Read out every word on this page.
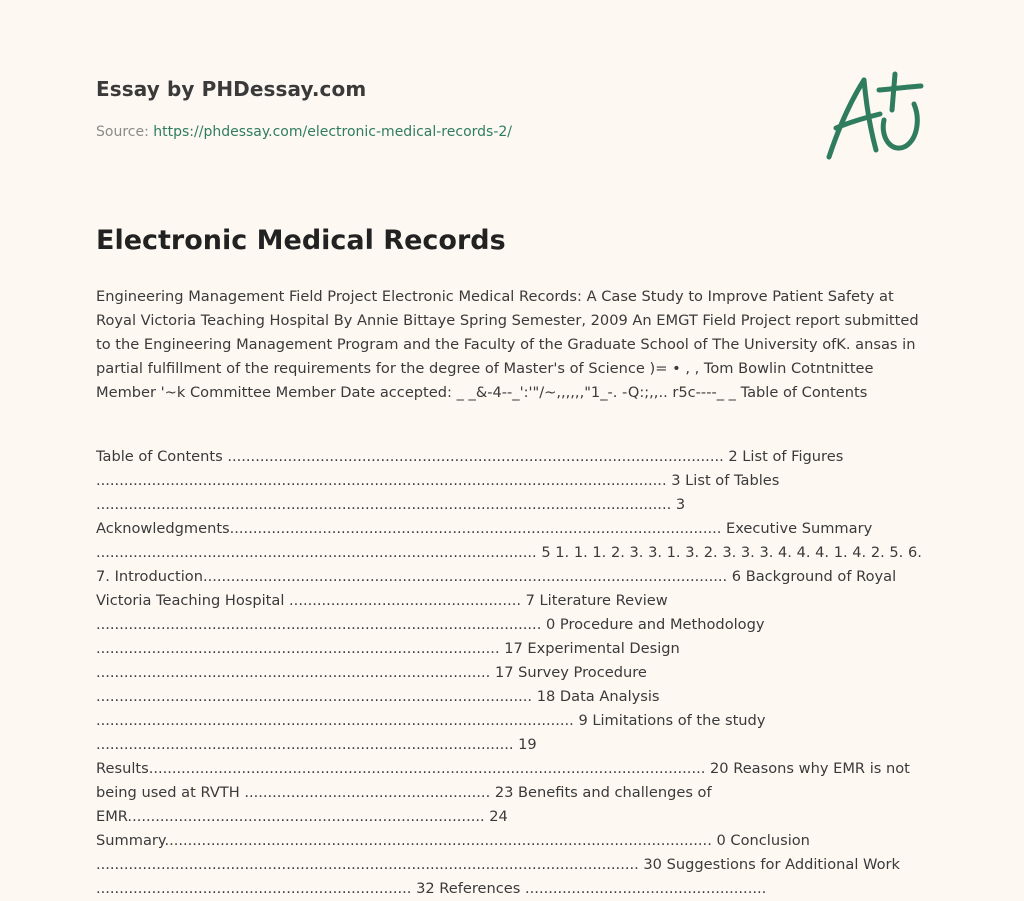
Essay by PHDessay.com

Source: https://phdessay.com/electronic-medical-records-2/

Electronic Medical Records

Engineering Management Field Project Electronic Medical Records: A Case Study to Improve Patient Safety at Royal Victoria Teaching Hospital By Annie Bittaye Spring Semester, 2009 An EMGT Field Project report submitted to the Engineering Management Program and the Faculty of the Graduate School of The University ofK. ansas in partial fulfillment of the requirements for the degree of Master's of Science )= • , , Tom Bowlin Cotntnittee Member '~k Committee Member Date accepted: _ _&-4--_':'"/~,,,,,,"1_-. -Q:;,,.. r5c----_ _ Table of Contents

Table of Contents ........................................................................................................... 2 List of Figures ........................................................................................................................... 3 List of Tables ............................................................................................................................ 3 Acknowledgments.......................................................................................................... Executive Summary ............................................................................................... 5 1. 1. 1. 2. 3. 3. 1. 3. 2. 3. 3. 3. 4. 4. 4. 1. 4. 2. 5. 6. 7. Introduction................................................................................................................. 6 Background of Royal Victoria Teaching Hospital .................................................. 7 Literature Review ................................................................................................ 0 Procedure and Methodology ....................................................................................... 17 Experimental Design ..................................................................................... 17 Survey Procedure .............................................................................................. 18 Data Analysis ....................................................................................................... 9 Limitations of the study .......................................................................................... 19 Results........................................................................................................................ 20 Reasons why EMR is not being used at RVTH ..................................................... 23 Benefits and challenges of EMR............................................................................. 24 Summary...................................................................................................................... 0 Conclusion ..................................................................................................................... 30 Suggestions for Additional Work .................................................................... 32 References ....................................................
